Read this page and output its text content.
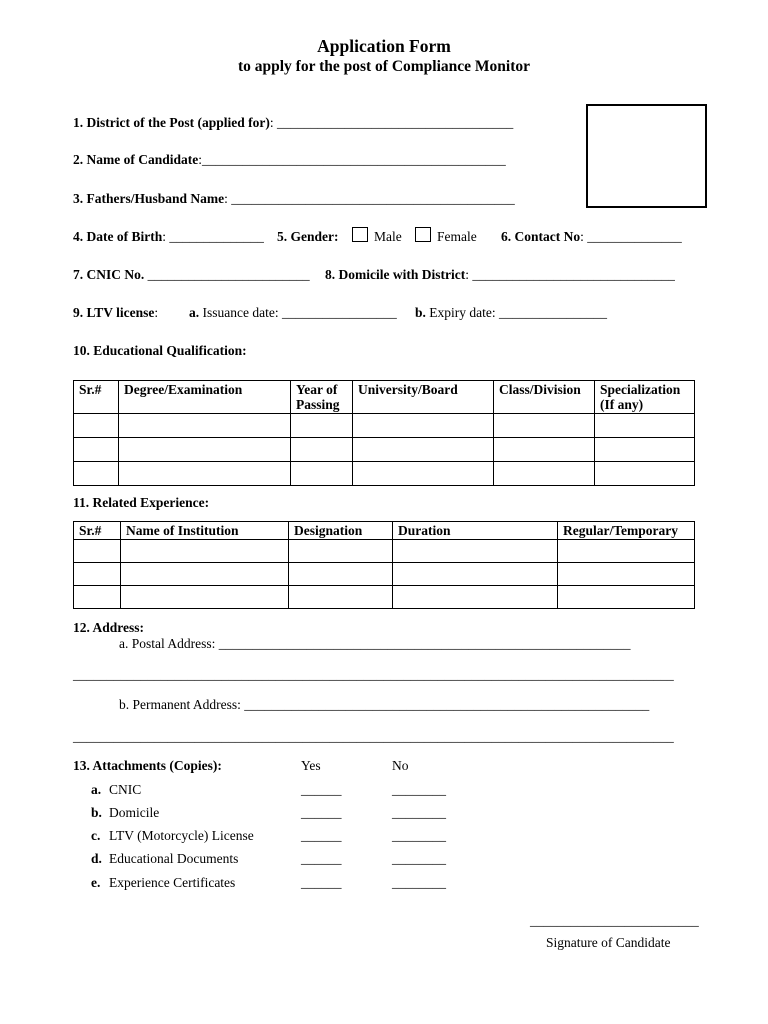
Application Form
to apply for the post of Compliance Monitor
1. District of the Post (applied for): ___________________________________
2. Name of Candidate:_____________________________________________
3. Fathers/Husband Name: __________________________________________
4. Date of Birth: ______________ 5. Gender:	Male	Female 6. Contact No: ______________
7. CNIC No. ________________________ 8. Domicile with District: ______________________________
9. LTV license: a. Issuance date: _________________ b. Expiry date: ________________
10. Educational Qualification:
Sr.#	Degree/Examination	Year of Passing	University/Board	Class/Division	Specialization (If any)

11. Related Experience:
Sr.#	Name of Institution	Designation	Duration	Regular/Temporary

12. Address:
a. Postal Address: _____________________________________________________________
_________________________________________________________________________________________
b. Permanent Address: ____________________________________________________________
_________________________________________________________________________________________
13. Attachments (Copies):	Yes	No
a. CNIC	______	________
b. Domicile	______	________
c. LTV (Motorcycle) License	______	________
d. Educational Documents	______	________
e. Experience Certificates	______	________
_________________________
Signature of Candidate
